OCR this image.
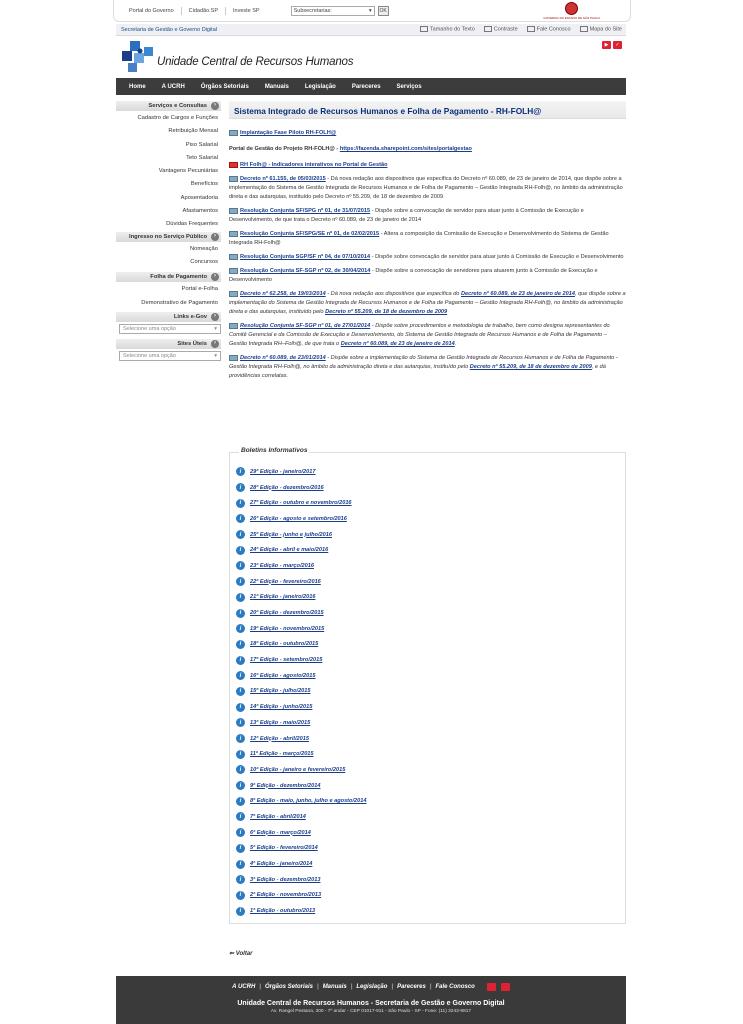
Portal do Governo	Cidadão.SP	Investe SP	Subsecretarias:	▾	OK
GOVERNO DO ESTADO DE SÃO PAULO
Secretaria de Gestão e Governo Digital	Tamanho do Texto	Contraste	Fale Conosco	Mapa do Site
Unidade Central de Recursos Humanos
▶	✓
Home	A UCRH	Órgãos Setoriais	Manuais	Legislação	Pareceres	Serviços
Serviços e Consultas ›
Cadastro de Cargos e Funções
Retribuição Mensal
Piso Salarial
Teto Salarial
Vantagens Pecuniárias
Benefícios
Aposentadoria
Afastamentos
Dúvidas Frequentes
Ingresso no Serviço Público ›
Nomeação
Concursos
Folha de Pagamento ›
Portal e-Folha
Demonstrativo de Pagamento
Links e-Gov ›
Selecione uma opção	▾
Sites Úteis ›
Selecione uma opção	▾
Sistema Integrado de Recursos Humanos e Folha de Pagamento - RH-FOLH@
Implantação Fase Piloto RH-FOLH@
Portal de Gestão do Projeto RH-FOLH@ - https://fazenda.sharepoint.com/sites/portalgestao
RH Folh@ - Indicadores interativos no Portal de Gestão
Decreto nº 61.155, de 05/03/2015 - Dá nova redação aos dispositivos que especifica do Decreto nº 60.089, de 23 de janeiro de 2014, que dispõe sobre a implementação do Sistema de Gestão Integrada de Recursos Humanos e de Folha de Pagamento – Gestão Integrada RH-Folh@, no âmbito da administração direta e das autarquias, instituído pelo Decreto nº 55.209, de 18 de dezembro de 2009
Resolução Conjunta SF/SPG nº 01, de 31/07/2015 - Dispõe sobre a convocação de servidor para atuar junto à Comissão de Execução e Desenvolvimento, de que trata o Decreto nº 60.089, de 23 de janeiro de 2014
Resolução Conjunta SF/SPG/SE nº 01, de 02/02/2015 - Altera a composição da Comissão de Execução e Desenvolvimento do Sistema de Gestão Integrada RH-Folh@
Resolução Conjunta SGP/SF nº 04, de 07/10/2014 - Dispõe sobre convocação de servidor para atuar junto à Comissão de Execução e Desenvolvimento
Resolução Conjunta SF-SGP nº 02, de 30/04/2014 - Dispõe sobre a convocação de servidores para atuarem junto à Comissão de Execução e Desenvolvimento
Decreto nº 62.258, de 19/03/2014 - Dá nova redação aos dispositivos que especifica do Decreto nº 60.089, de 23 de janeiro de 2014, que dispõe sobre a implementação do Sistema de Gestão Integrada de Recursos Humanos e de Folha de Pagamento – Gestão Integrada RH-Folh@, no âmbito da administração direta e das autarquias, instituído pelo Decreto nº 55.209, de 18 de dezembro de 2009
Resolução Conjunta SF-SGP nº 01, de 27/01/2014 - Dispõe sobre procedimentos e metodologia de trabalho, bem como designa representantes do Comitê Gerencial e da Comissão de Execução e Desenvolvimento, do Sistema de Gestão Integrada de Recursos Humanos e de Folha de Pagamento – Gestão Integrada RH–Folh@, de que trata o Decreto nº 60.089, de 23 de janeiro de 2014.
Decreto nº 60.089, de 23/01/2014 - Dispõe sobre a implementação do Sistema de Gestão Integrada de Recursos Humanos e de Folha de Pagamento - Gestão Integrada RH-Folh@, no âmbito da administração direta e das autarquias, instituído pelo Decreto nº 55.209, de 18 de dezembro de 2009, e dá providências correlatas.
Boletins Informativos
i	29ª Edição - janeiro/2017
i	28ª Edição - dezembro/2016
i	27ª Edição - outubro e novembro/2016
i	26ª Edição - agosto e setembro/2016
i	25ª Edição - junho e julho/2016
i	24ª Edição - abril e maio/2016
i	23ª Edição - março/2016
i	22ª Edição - fevereiro/2016
i	21ª Edição - janeiro/2016
i	20ª Edição - dezembro/2015
i	19ª Edição - novembro/2015
i	18ª Edição - outubro/2015
i	17ª Edição - setembro/2015
i	16ª Edição - agosto/2015
i	15ª Edição - julho/2015
i	14ª Edição - junho/2015
i	13ª Edição - maio/2015
i	12ª Edição - abril/2015
i	11ª Edição - março/2015
i	10ª Edição - janeiro e fevereiro/2015
i	9ª Edição - dezembro/2014
i	8ª Edição - maio, junho, julho e agosto/2014
i	7ª Edição - abril/2014
i	6ª Edição - março/2014
i	5ª Edição - fevereiro/2014
i	4ª Edição - janeiro/2014
i	3ª Edição - dezembro/2013
i	2ª Edição - novembro/2013
i	1ª Edição - outubro/2013
⇐ Voltar
A UCRH | Órgãos Setoriais | Manuais | Legislação | Pareceres | Fale Conosco
Unidade Central de Recursos Humanos - Secretaria de Gestão e Governo Digital
Av. Rangel Pestana, 300 - 7º andar - CEP 01017-911 - São Paulo - SP - Fone: (11) 3243-9817
